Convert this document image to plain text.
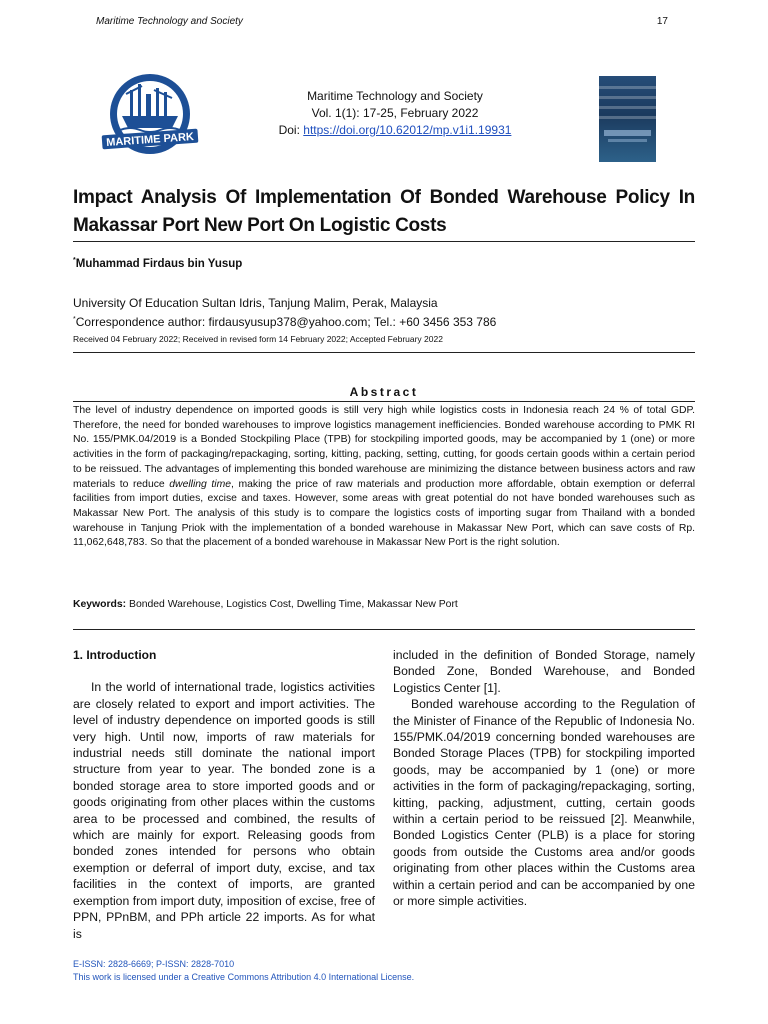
Maritime Technology and Society	17
MARITIME PARK
Maritime Technology and Society
Vol. 1(1): 17-25, February 2022
Doi: https://doi.org/10.62012/mp.v1i1.19931
Impact Analysis Of Implementation Of Bonded Warehouse Policy In Makassar Port New Port On Logistic Costs
*Muhammad Firdaus bin Yusup
University Of Education Sultan Idris, Tanjung Malim, Perak, Malaysia
*Correspondence author: firdausyusup378@yahoo.com; Tel.: +60 3456 353 786
Received 04 February 2022; Received in revised form 14 February 2022; Accepted February 2022
Abstract
The level of industry dependence on imported goods is still very high while logistics costs in Indonesia reach 24 % of total GDP. Therefore, the need for bonded warehouses to improve logistics management inefficiencies. Bonded warehouse according to PMK RI No. 155/PMK.04/2019 is a Bonded Stockpiling Place (TPB) for stockpiling imported goods, may be accompanied by 1 (one) or more activities in the form of packaging/repackaging, sorting, kitting, packing, setting, cutting, for goods certain goods within a certain period to be reissued. The advantages of implementing this bonded warehouse are minimizing the distance between business actors and raw materials to reduce dwelling time, making the price of raw materials and production more affordable, obtain exemption or deferral facilities from import duties, excise and taxes. However, some areas with great potential do not have bonded warehouses such as Makassar New Port. The analysis of this study is to compare the logistics costs of importing sugar from Thailand with a bonded warehouse in Tanjung Priok with the implementation of a bonded warehouse in Makassar New Port, which can save costs of Rp. 11,062,648,783. So that the placement of a bonded warehouse in Makassar New Port is the right solution.
Keywords: Bonded Warehouse, Logistics Cost, Dwelling Time, Makassar New Port
1. Introduction

In the world of international trade, logistics activities are closely related to export and import activities. The level of industry dependence on imported goods is still very high. Until now, imports of raw materials for industrial needs still dominate the national import structure from year to year. The bonded zone is a bonded storage area to store imported goods and or goods originating from other places within the customs area to be processed and combined, the results of which are mainly for export. Releasing goods from bonded zones intended for persons who obtain exemption or deferral of import duty, excise, and tax facilities in the context of imports, are granted exemption from import duty, imposition of excise, free of PPN, PPnBM, and PPh article 22 imports. As for what is

included in the definition of Bonded Storage, namely Bonded Zone, Bonded Warehouse, and Bonded Logistics Center [1].

Bonded warehouse according to the Regulation of the Minister of Finance of the Republic of Indonesia No. 155/PMK.04/2019 concerning bonded warehouses are Bonded Storage Places (TPB) for stockpiling imported goods, may be accompanied by 1 (one) or more activities in the form of packaging/repackaging, sorting, kitting, packing, adjustment, cutting, certain goods within a certain period to be reissued [2]. Meanwhile, Bonded Logistics Center (PLB) is a place for storing goods from outside the Customs area and/or goods originating from other places within the Customs area within a certain period and can be accompanied by one or more simple activities.

E-ISSN: 2828-6669; P-ISSN: 2828-7010
This work is licensed under a Creative Commons Attribution 4.0 International License.
